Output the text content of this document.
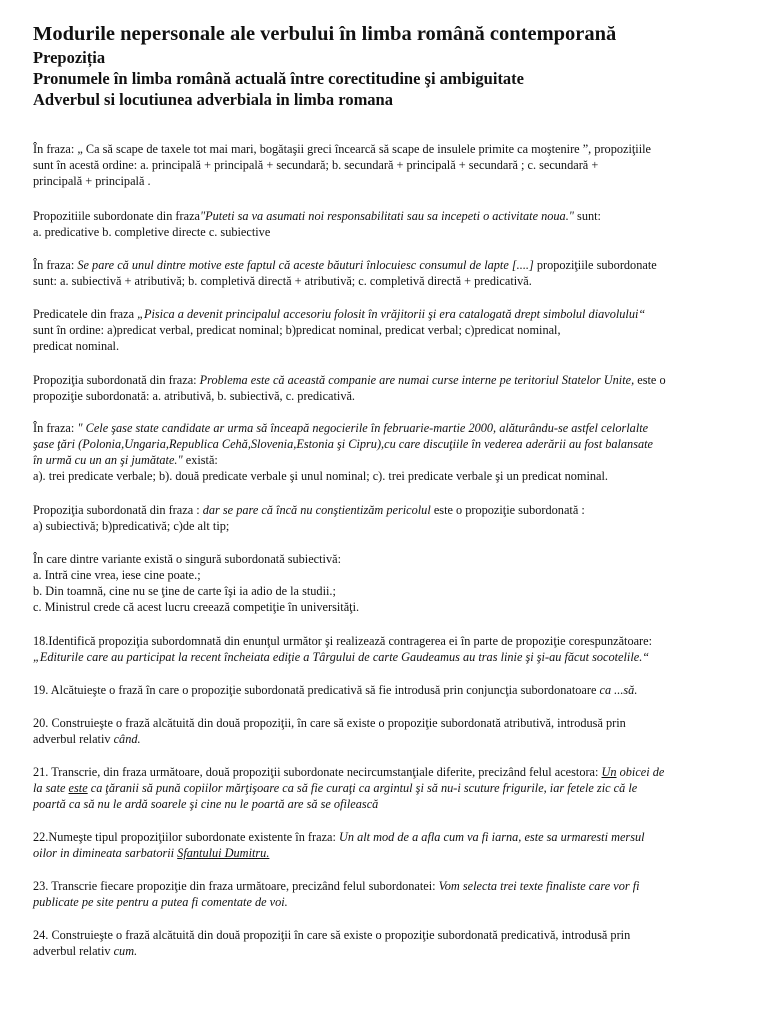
Modurile nepersonale ale verbului în limba română contemporană
Prepoziția
Pronumele în limba română actuală între corectitudine şi ambiguitate
Adverbul si locutiunea adverbiala in limba romana
În fraza: „ Ca să scape de taxele tot mai mari, bogătaşii greci încearcă să scape de insulele primite ca moştenire ”, propoziţiile
sunt în acestă ordine: a. principală + principală + secundară; b. secundară + principală + secundară ; c. secundară +
principală + principală .
Propozitiile subordonate din fraza"Puteti sa va asumati noi responsabilitati sau sa incepeti o activitate noua." sunt:
a. predicative b. completive directe c. subiective
În fraza: Se pare că unul dintre motive este faptul că aceste băuturi înlocuiesc consumul de lapte [....] propoziţiile subordonate
sunt: a. subiectivă + atributivă; b. completivă directă + atributivă; c. completivă directă + predicativă.
Predicatele din fraza „Pisica a devenit principalul accesoriu folosit în vrăjitorii şi era catalogată drept simbolul diavolului“
sunt în ordine: a)predicat verbal, predicat nominal; b)predicat nominal, predicat verbal; c)predicat nominal,
predicat nominal.
Propoziţia subordonată din fraza: Problema este că această companie are numai curse interne pe teritoriul Statelor Unite, este o
propoziţie subordonată: a. atributivă, b. subiectivă, c. predicativă.
În fraza: " Cele şase state candidate ar urma să înceapă negocierile în februarie-martie 2000, alăturându-se astfel celorlalte
şase ţări (Polonia,Ungaria,Republica Cehă,Slovenia,Estonia şi Cipru),cu care discuţiile în vederea aderării au fost balansate
în urmă cu un an şi jumătate." există:
a). trei predicate verbale; b). două predicate verbale şi unul nominal; c). trei predicate verbale şi un predicat nominal.
Propoziţia subordonată din fraza : dar se pare că încă nu conştientizăm pericolul este o propoziţie subordonată :
a) subiectivă; b)predicativă; c)de alt tip;
În care dintre variante există o singură subordonată subiectivă:
a. Intră cine vrea, iese cine poate.;
b. Din toamnă, cine nu se ţine de carte îşi ia adio de la studii.;
c. Ministrul crede că acest lucru creează competiţie în universităţi.
18.Identifică propoziţia subordomnată din enunţul următor şi realizează contragerea ei în parte de propoziţie corespunzătoare:
„Editurile care au participat la recent încheiata ediţie a Târgului de carte Gaudeamus au tras linie şi şi-au făcut socotelile.“
19. Alcătuieşte o frază în care o propoziţie subordonată predicativă să fie introdusă prin conjuncţia subordonatoare ca ...să.
20. Construieşte o frază alcătuită din două propoziţii, în care să existe o propoziţie subordonată atributivă, introdusă prin
adverbul relativ când.
21. Transcrie, din fraza următoare, două propoziţii subordonate necircumstanţiale diferite, precizând felul acestora: Un obicei de
la sate este ca ţăranii să pună copiilor mărţişoare ca să fie curaţi ca argintul şi să nu-i scuture frigurile, iar fetele zic că le
poartă ca să nu le ardă soarele şi cine nu le poartă are să se ofilească
22.Numeşte tipul propoziţiilor subordonate existente în fraza: Un alt mod de a afla cum va fi iarna, este sa urmaresti mersul
oilor in dimineata sarbatorii Sfantului Dumitru.
23. Transcrie fiecare propoziţie din fraza următoare, precizând felul subordonatei: Vom selecta trei texte finaliste care vor fi
publicate pe site pentru a putea fi comentate de voi.
24. Construieşte o frază alcătuită din două propoziţii în care să existe o propoziţie subordonată predicativă, introdusă prin
adverbul relativ cum.
